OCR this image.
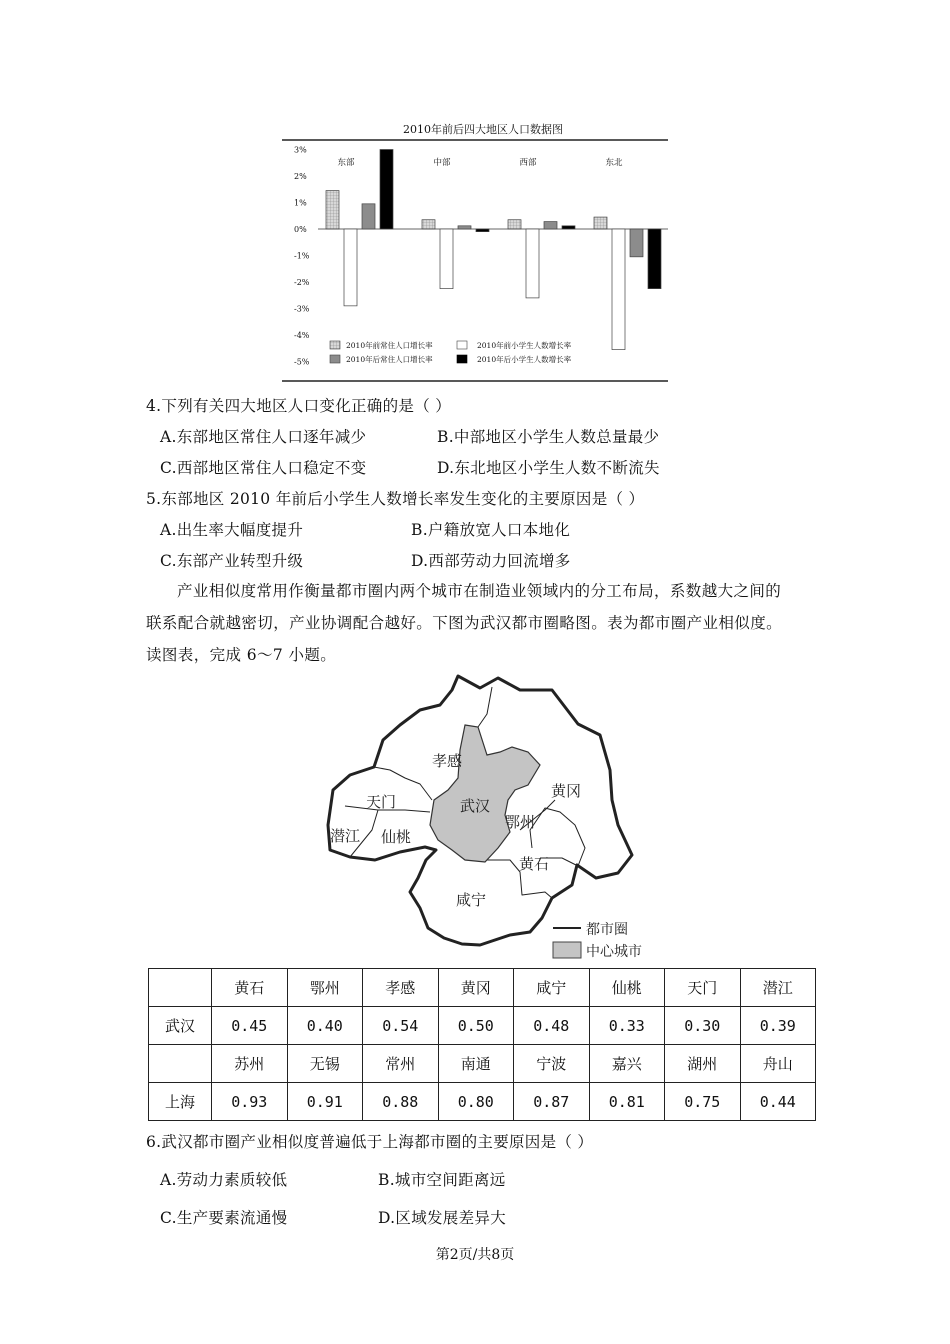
2010年前后四大地区人口数据图
3%
2%
1%
0%
-1%
-2%
-3%
-4%
-5%
东部	中部	西部	东北
2010年前常住人口增长率
2010年后常住人口增长率
2010年前小学生人数增长率
2010年后小学生人数增长率
4.下列有关四大地区人口变化正确的是（ ）
A.东部地区常住人口逐年减少	B.中部地区小学生人数总量最少
C.西部地区常住人口稳定不变	D.东北地区小学生人数不断流失
5.东部地区 2010 年前后小学生人数增长率发生变化的主要原因是（ ）
A.出生率大幅度提升	B.户籍放宽人口本地化
C.东部产业转型升级	D.西部劳动力回流增多
产业相似度常用作衡量都市圈内两个城市在制造业领域内的分工布局，系数越大之间的
联系配合就越密切，产业协调配合越好。下图为武汉都市圈略图。表为都市圈产业相似度。
读图表，完成 6～7 小题。
孝感
黄冈
天门	武汉
鄂州
潜江 仙桃
黄石
咸宁
都市圈
中心城市
	黄石	鄂州	孝感	黄冈	咸宁	仙桃	天门	潜江
武汉	0.45	0.40	0.54	0.50	0.48	0.33	0.30	0.39
	苏州	无锡	常州	南通	宁波	嘉兴	湖州	舟山
上海	0.93	0.91	0.88	0.80	0.87	0.81	0.75	0.44
6.武汉都市圈产业相似度普遍低于上海都市圈的主要原因是（ ）
A.劳动力素质较低	B.城市空间距离远
C.生产要素流通慢	D.区域发展差异大
第2页/共8页
